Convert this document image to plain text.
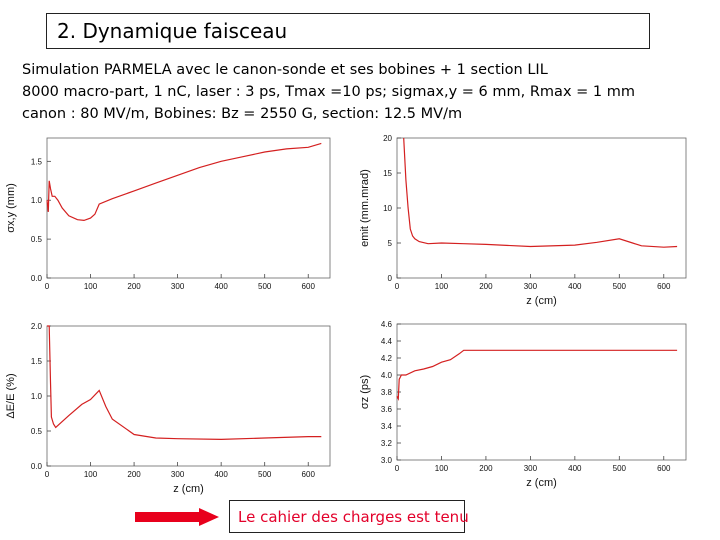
2. Dynamique faisceau
Simulation PARMELA avec le canon-sonde et ses bobines + 1 section LIL
8000 macro-part, 1 nC, laser : 3 ps, Tmax =10 ps; sigmax,y = 6 mm, Rmax = 1 mm
canon : 80 MV/m, Bobines: Bz = 2550 G, section: 12.5 MV/m
0	100	200	300	400	500	600
0.0
0.5
1.0
1.5
σx,y (mm)
0	100	200	300	400	500	600
0
5
10
15
20
z (cm)
emit (mm.mrad)
0	100	200	300	400	500	600
0.0
0.5
1.0
1.5
2.0
z (cm)
ΔE/E (%)
0	100	200	300	400	500	600
3.0
3.2
3.4
3.6
3.8
4.0
4.2
4.4
4.6
z (cm)
σz (ps)
Le cahier des charges est tenu
